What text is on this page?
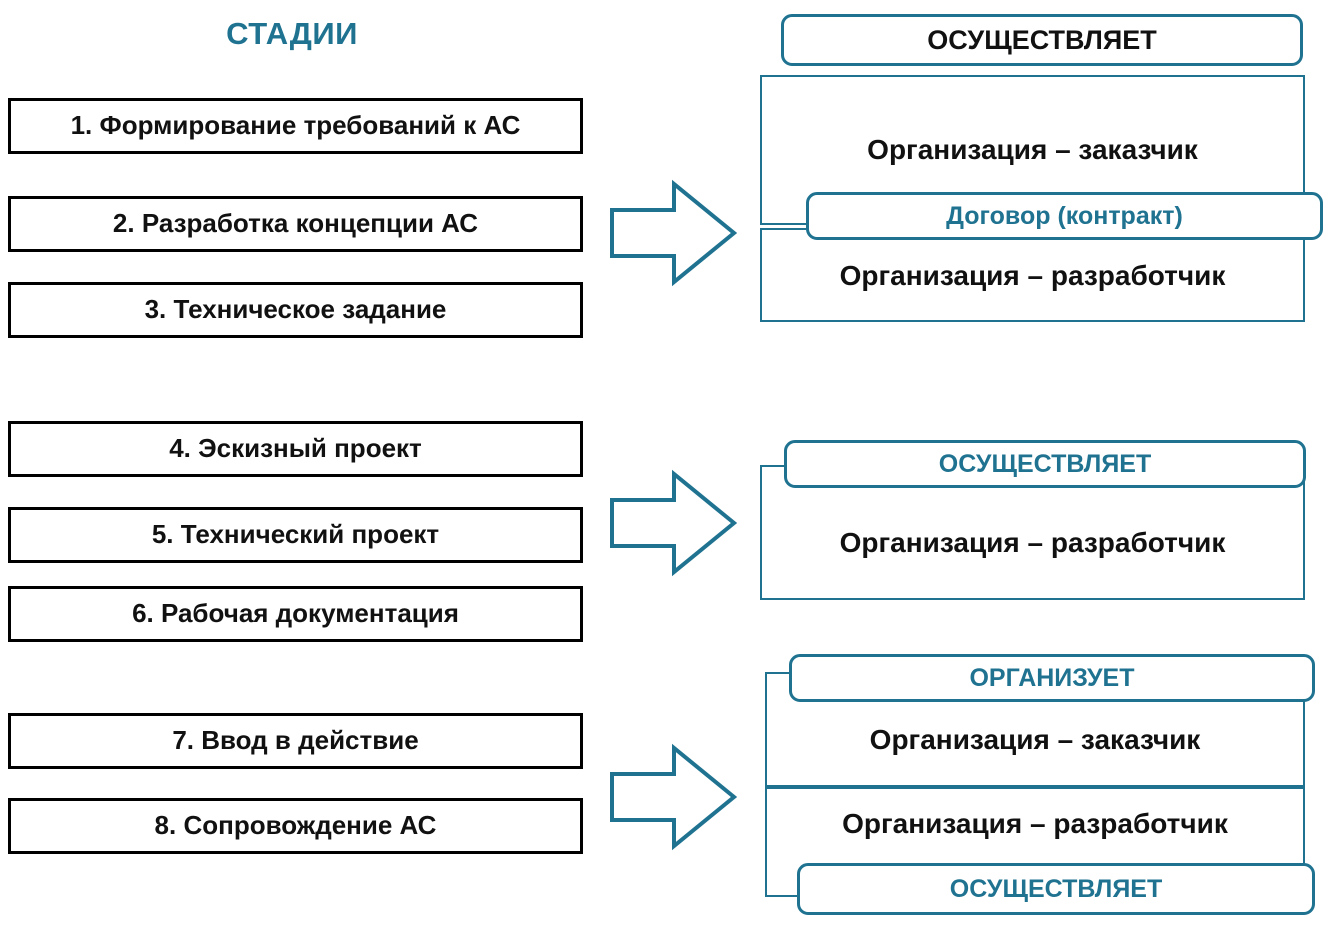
СТАДИИ
1. Формирование требований к АС
2. Разработка концепции АС
3. Техническое задание
4. Эскизный проект
5. Технический проект
6. Рабочая документация
7. Ввод в действие
8. Сопровождение АС
Организация – заказчик
Организация – разработчик
ОСУЩЕСТВЛЯЕТ
Договор (контракт)
Организация – разработчик
ОСУЩЕСТВЛЯЕТ
Организация – заказчик
Организация – разработчик
ОРГАНИЗУЕТ
ОСУЩЕСТВЛЯЕТ
